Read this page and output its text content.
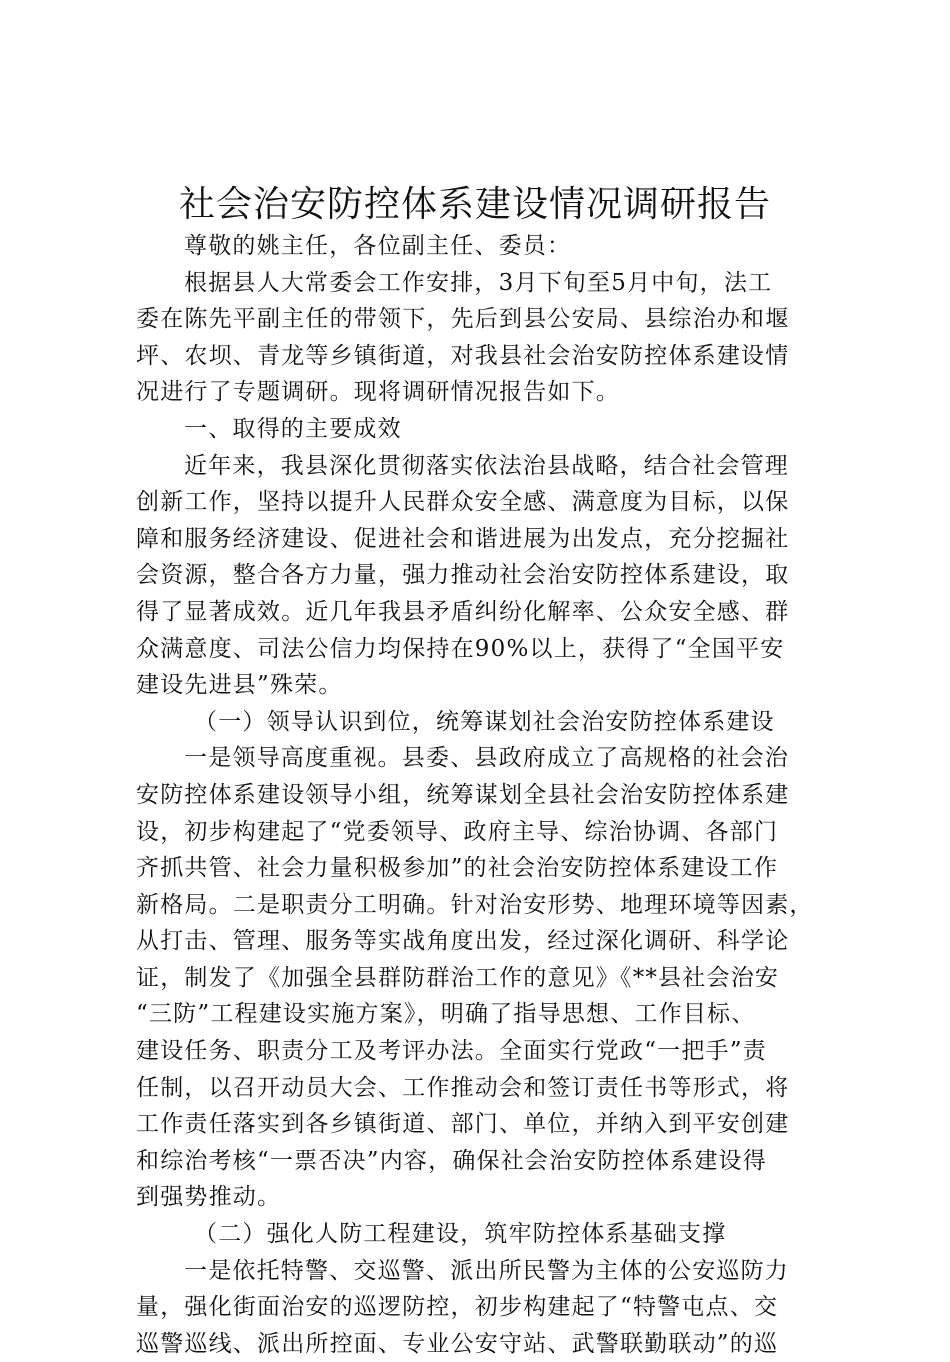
社会治安防控体系建设情况调研报告
尊敬的姚主任，各位副主任、委员：
根据县人大常委会工作安排，3月下旬至5月中旬，法工
委在陈先平副主任的带领下，先后到县公安局、县综治办和堰
坪、农坝、青龙等乡镇街道，对我县社会治安防控体系建设情
况进行了专题调研。现将调研情况报告如下。
一、取得的主要成效
近年来，我县深化贯彻落实依法治县战略，结合社会管理
创新工作，坚持以提升人民群众安全感、满意度为目标，以保
障和服务经济建设、促进社会和谐进展为出发点，充分挖掘社
会资源，整合各方力量，强力推动社会治安防控体系建设，取
得了显著成效。近几年我县矛盾纠纷化解率、公众安全感、群
众满意度、司法公信力均保持在90%以上，获得了“全国平安
建设先进县”殊荣。
（一）领导认识到位，统筹谋划社会治安防控体系建设
一是领导高度重视。县委、县政府成立了高规格的社会治
安防控体系建设领导小组，统筹谋划全县社会治安防控体系建
设，初步构建起了“党委领导、政府主导、综治协调、各部门
齐抓共管、社会力量积极参加”的社会治安防控体系建设工作
新格局。二是职责分工明确。针对治安形势、地理环境等因素，
从打击、管理、服务等实战角度出发，经过深化调研、科学论
证，制发了《加强全县群防群治工作的意见》《**县社会治安
“三防”工程建设实施方案》，明确了指导思想、工作目标、
建设任务、职责分工及考评办法。全面实行党政“一把手”责
任制，以召开动员大会、工作推动会和签订责任书等形式，将
工作责任落实到各乡镇街道、部门、单位，并纳入到平安创建
和综治考核“一票否决”内容，确保社会治安防控体系建设得
到强势推动。
（二）强化人防工程建设，筑牢防控体系基础支撑
一是依托特警、交巡警、派出所民警为主体的公安巡防力
量，强化街面治安的巡逻防控，初步构建起了“特警屯点、交
巡警巡线、派出所控面、专业公安守站、武警联勤联动”的巡
